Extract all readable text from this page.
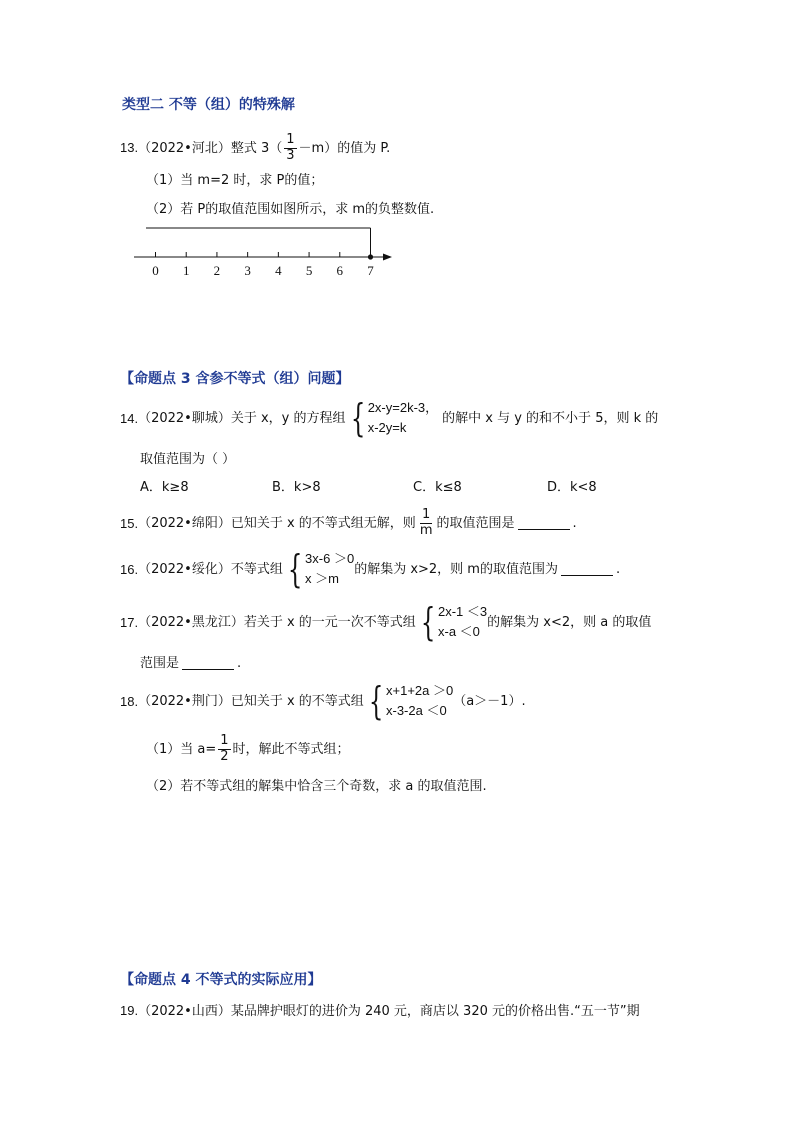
类型二 不等（组）的特殊解
13.（2022•河北）整式 $3( \frac{1}{3} -m)$的值为 P.
（1）当 m=2 时，求 P的值；
（2）若 P的取值范围如图所示，求 m的负整数值.
0 1 2 3 4 5 6 7
【命题点 3 含参不等式（组）问题】
14. （2022•聊城） 关于 x，y 的方程组 { 2x-y=2k-3，
x-2y=k
的解中 x 与 y 的和不小于 5，则 k 的
取值范围为（ ）
A．k≥8	B．k>8	C．k≤8	D．k<8
15. （2022•绵阳） 已知关于 x 的不等式组无解，则 $\frac{1}{m}$ 的取值范围是	.
16. （2022•绥化） 不等式组 { 3x-6 ＞0
x ＞m
的解集为 x>2，则 m的取值范围为	.
17. （2022•黑龙江） 若关于 x 的一元一次不等式组 { 2x-1 ＜3
x-a ＜0
的解集为 x<2，则 a 的取值
范围是	.
18. （2022•荆门） 已知关于 x 的不等式组 { x+1+2a ＞0
x-3-2a ＜0
（a＞－1）.
（1）当 $a= \frac{1}{2}$ 时，解此不等式组；
（2）若不等式组的解集中恰含三个奇数，求 a 的取值范围.
【命题点 4 不等式的实际应用】
19.（2022•山西）某品牌护眼灯的进价为 240 元，商店以 320 元的价格出售.“五一节”期
